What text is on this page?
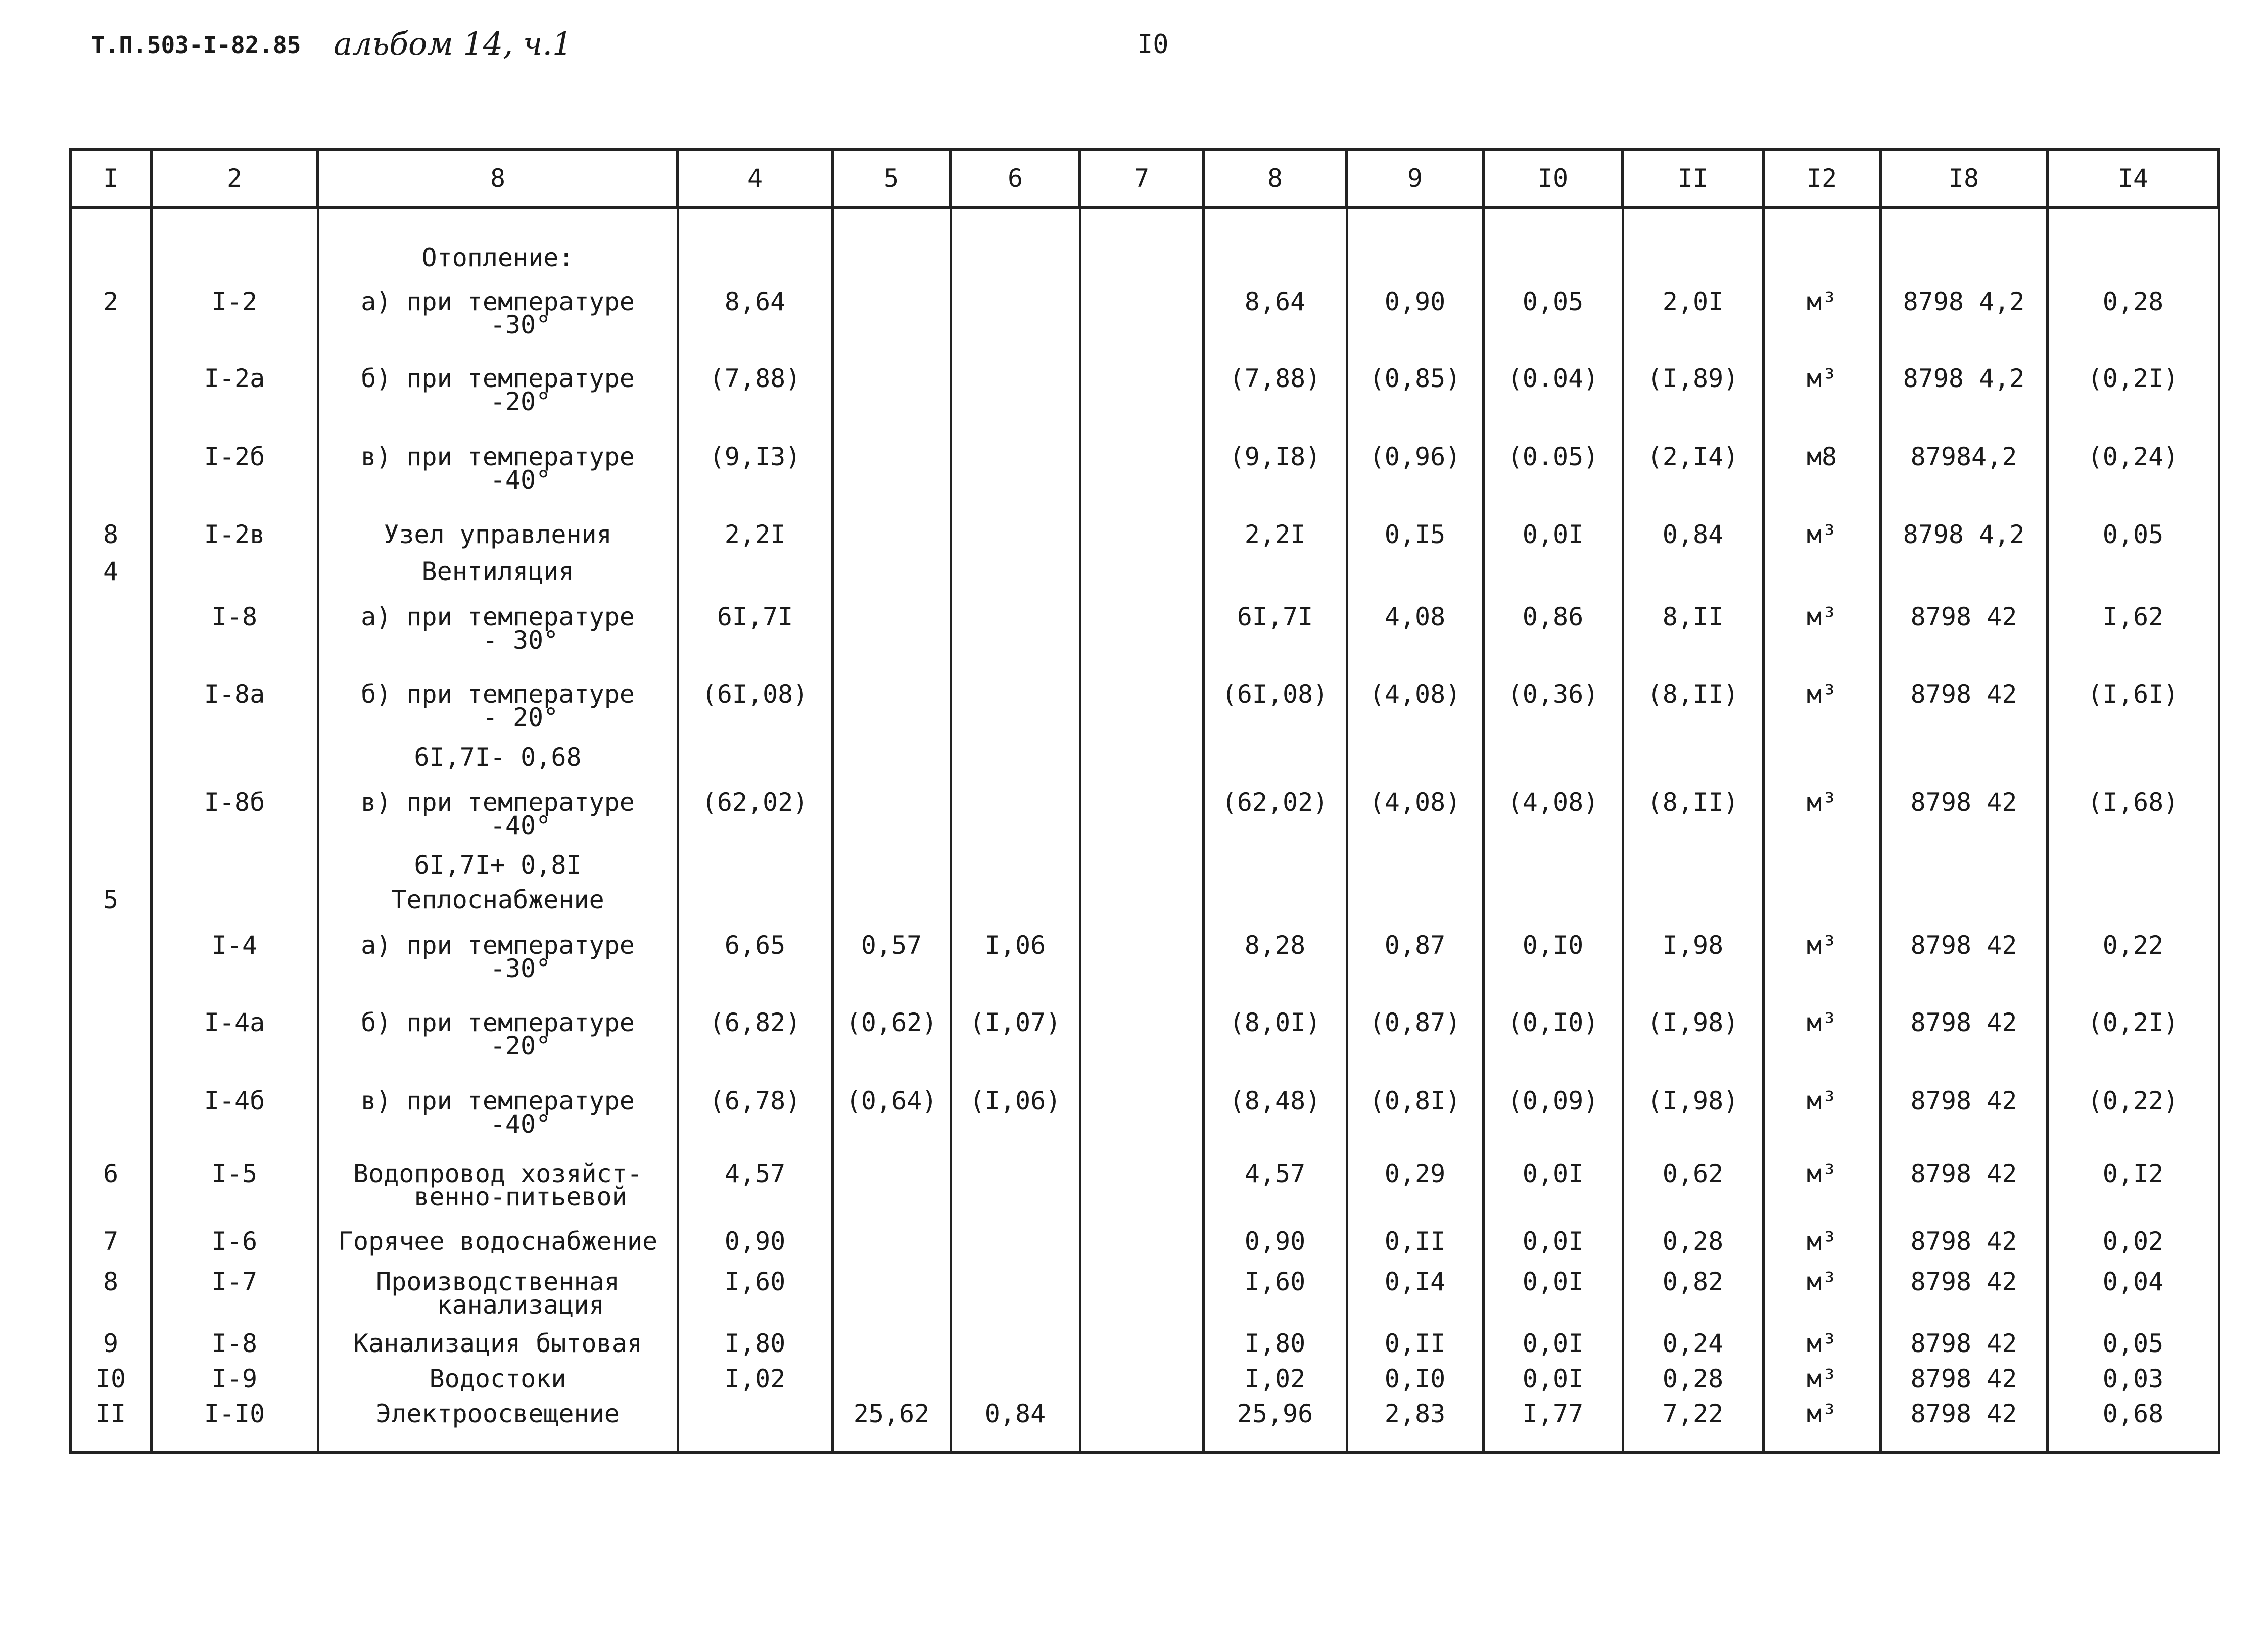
Т.П.503-I-82.85 альбом 14, ч.1	I0
I	2	8	4	5	6	7	8	9	I0	II	I2	I8	I4
		Отопление:											
2	I-2	а) при температуре
-30°	8,64				8,64	0,90	0,05	2,0I	м³	8798 4,2	0,28
	I-2а	б) при температуре
-20°	(7,88)				(7,88)	(0,85)	(0.04)	(I,89)	м³	8798 4,2	(0,2I)
	I-2б	в) при температуре
-40°	(9,I3)				(9,I8)	(0,96)	(0.05)	(2,I4)	м8	87984,2	(0,24)
8	I-2в	Узел управления	2,2I				2,2I	0,I5	0,0I	0,84	м³	8798 4,2	0,05
4		Вентиляция											
	I-8	а) при температуре
- 30°	6I,7I				6I,7I	4,08	0,86	8,II	м³	8798 42	I,62
	I-8а	б) при температуре
- 20°	(6I,08)				(6I,08)	(4,08)	(0,36)	(8,II)	м³	8798 42	(I,6I)
		6I,7I- 0,68											
	I-8б	в) при температуре
-40°	(62,02)				(62,02)	(4,08)	(4,08)	(8,II)	м³	8798 42	(I,68)
		6I,7I+ 0,8I											
5		Теплоснабжение											
	I-4	а) при температуре
-30°	6,65	0,57	I,06		8,28	0,87	0,I0	I,98	м³	8798 42	0,22
	I-4а	б) при температуре
-20°	(6,82)	(0,62)	(I,07)		(8,0I)	(0,87)	(0,I0)	(I,98)	м³	8798 42	(0,2I)
	I-4б	в) при температуре
-40°	(6,78)	(0,64)	(I,06)		(8,48)	(0,8I)	(0,09)	(I,98)	м³	8798 42	(0,22)
6	I-5	Водопровод хозяйст-
венно-питьевой	4,57				4,57	0,29	0,0I	0,62	м³	8798 42	0,I2
7	I-6	Горячее водоснабжение	0,90				0,90	0,II	0,0I	0,28	м³	8798 42	0,02
8	I-7	Производственная
канализация	I,60				I,60	0,I4	0,0I	0,82	м³	8798 42	0,04
9	I-8	Канализация бытовая	I,80				I,80	0,II	0,0I	0,24	м³	8798 42	0,05
I0	I-9	Водостоки	I,02				I,02	0,I0	0,0I	0,28	м³	8798 42	0,03
II	I-I0	Электроосвещение		25,62	0,84		25,96	2,83	I,77	7,22	м³	8798 42	0,68
